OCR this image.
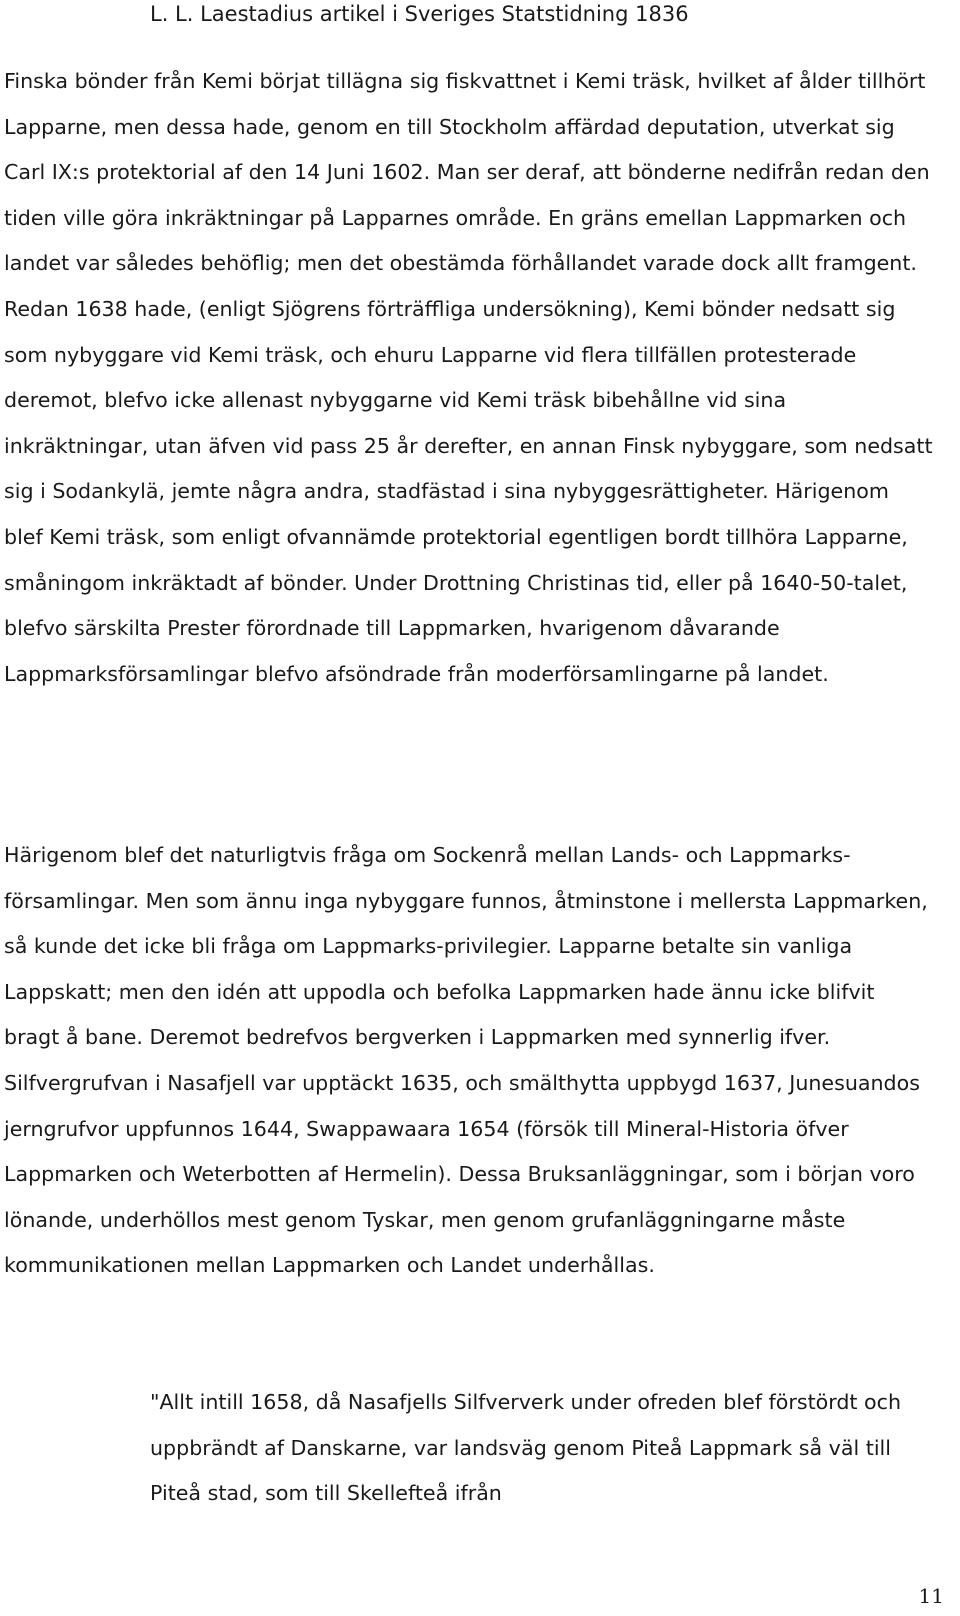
L. L. Laestadius artikel i Sveriges Statstidning 1836

Finska bönder från Kemi börjat tillägna sig fiskvattnet i Kemi träsk, hvilket af ålder tillhört Lapparne, men dessa hade, genom en till Stockholm affärdad deputation, utverkat sig Carl IX:s protektorial af den 14 Juni 1602. Man ser deraf, att bönderne nedifrån redan den tiden ville göra inkräktningar på Lapparnes område. En gräns emellan Lappmarken och landet var således behöflig; men det obestämda förhållandet varade dock allt framgent. Redan 1638 hade, (enligt Sjögrens förträffliga undersökning), Kemi bönder nedsatt sig som nybyggare vid Kemi träsk, och ehuru Lapparne vid flera tillfällen protesterade deremot, blefvo icke allenast nybyggarne vid Kemi träsk bibehållne vid sina inkräktningar, utan äfven vid pass 25 år derefter, en annan Finsk nybyggare, som nedsatt sig i Sodankylä, jemte några andra, stadfästad i sina nybyggesrättigheter. Härigenom blef Kemi träsk, som enligt ofvannämde protektorial egentligen bordt tillhöra Lapparne, småningom inkräktadt af bönder. Under Drottning Christinas tid, eller på 1640-50-talet, blefvo särskilta Prester förordnade till Lappmarken, hvarigenom dåvarande Lappmarksförsamlingar blefvo afsöndrade från moderförsamlingarne på landet.

Härigenom blef det naturligtvis fråga om Sockenrå mellan Lands- och Lappmarks-församlingar. Men som ännu inga nybyggare funnos, åtminstone i mellersta Lappmarken, så kunde det icke bli fråga om Lappmarks-privilegier. Lapparne betalte sin vanliga Lappskatt; men den idén att uppodla och befolka Lappmarken hade ännu icke blifvit bragt å bane. Deremot bedrefvos bergverken i Lappmarken med synnerlig ifver. Silfvergrufvan i Nasafjell var upptäckt 1635, och smälthytta uppbygd 1637, Junesuandos jerngrufvor uppfunnos 1644, Swappawaara 1654 (försök till Mineral-Historia öfver Lappmarken och Weterbotten af Hermelin). Dessa Bruksanläggningar, som i början voro lönande, underhöllos mest genom Tyskar, men genom grufanläggningarne måste kommunikationen mellan Lappmarken och Landet underhållas.

"Allt intill 1658, då Nasafjells Silfververk under ofreden blef förstördt och uppbrändt af Danskarne, var landsväg genom Piteå Lappmark så väl till Piteå stad, som till Skellefteå ifrån

11
